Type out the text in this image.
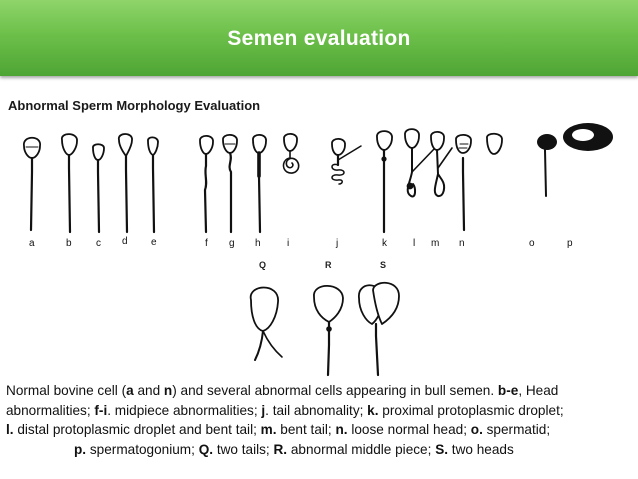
Semen evaluation
Abnormal Sperm Morphology Evaluation
a	b c d e	f g h	i	j	k	l m n	o	p
Q	R	S
Normal bovine cell (a and n) and several abnormal cells appearing in bull semen. b-e, Head
abnormalities; f-i. midpiece abnormalities; j. tail abnomality; k. proximal protoplasmic droplet;
l. distal protoplasmic droplet and bent tail; m. bent tail; n. loose normal head; o. spermatid;
p. spermatogonium; Q. two tails; R. abnormal middle piece; S. two heads
